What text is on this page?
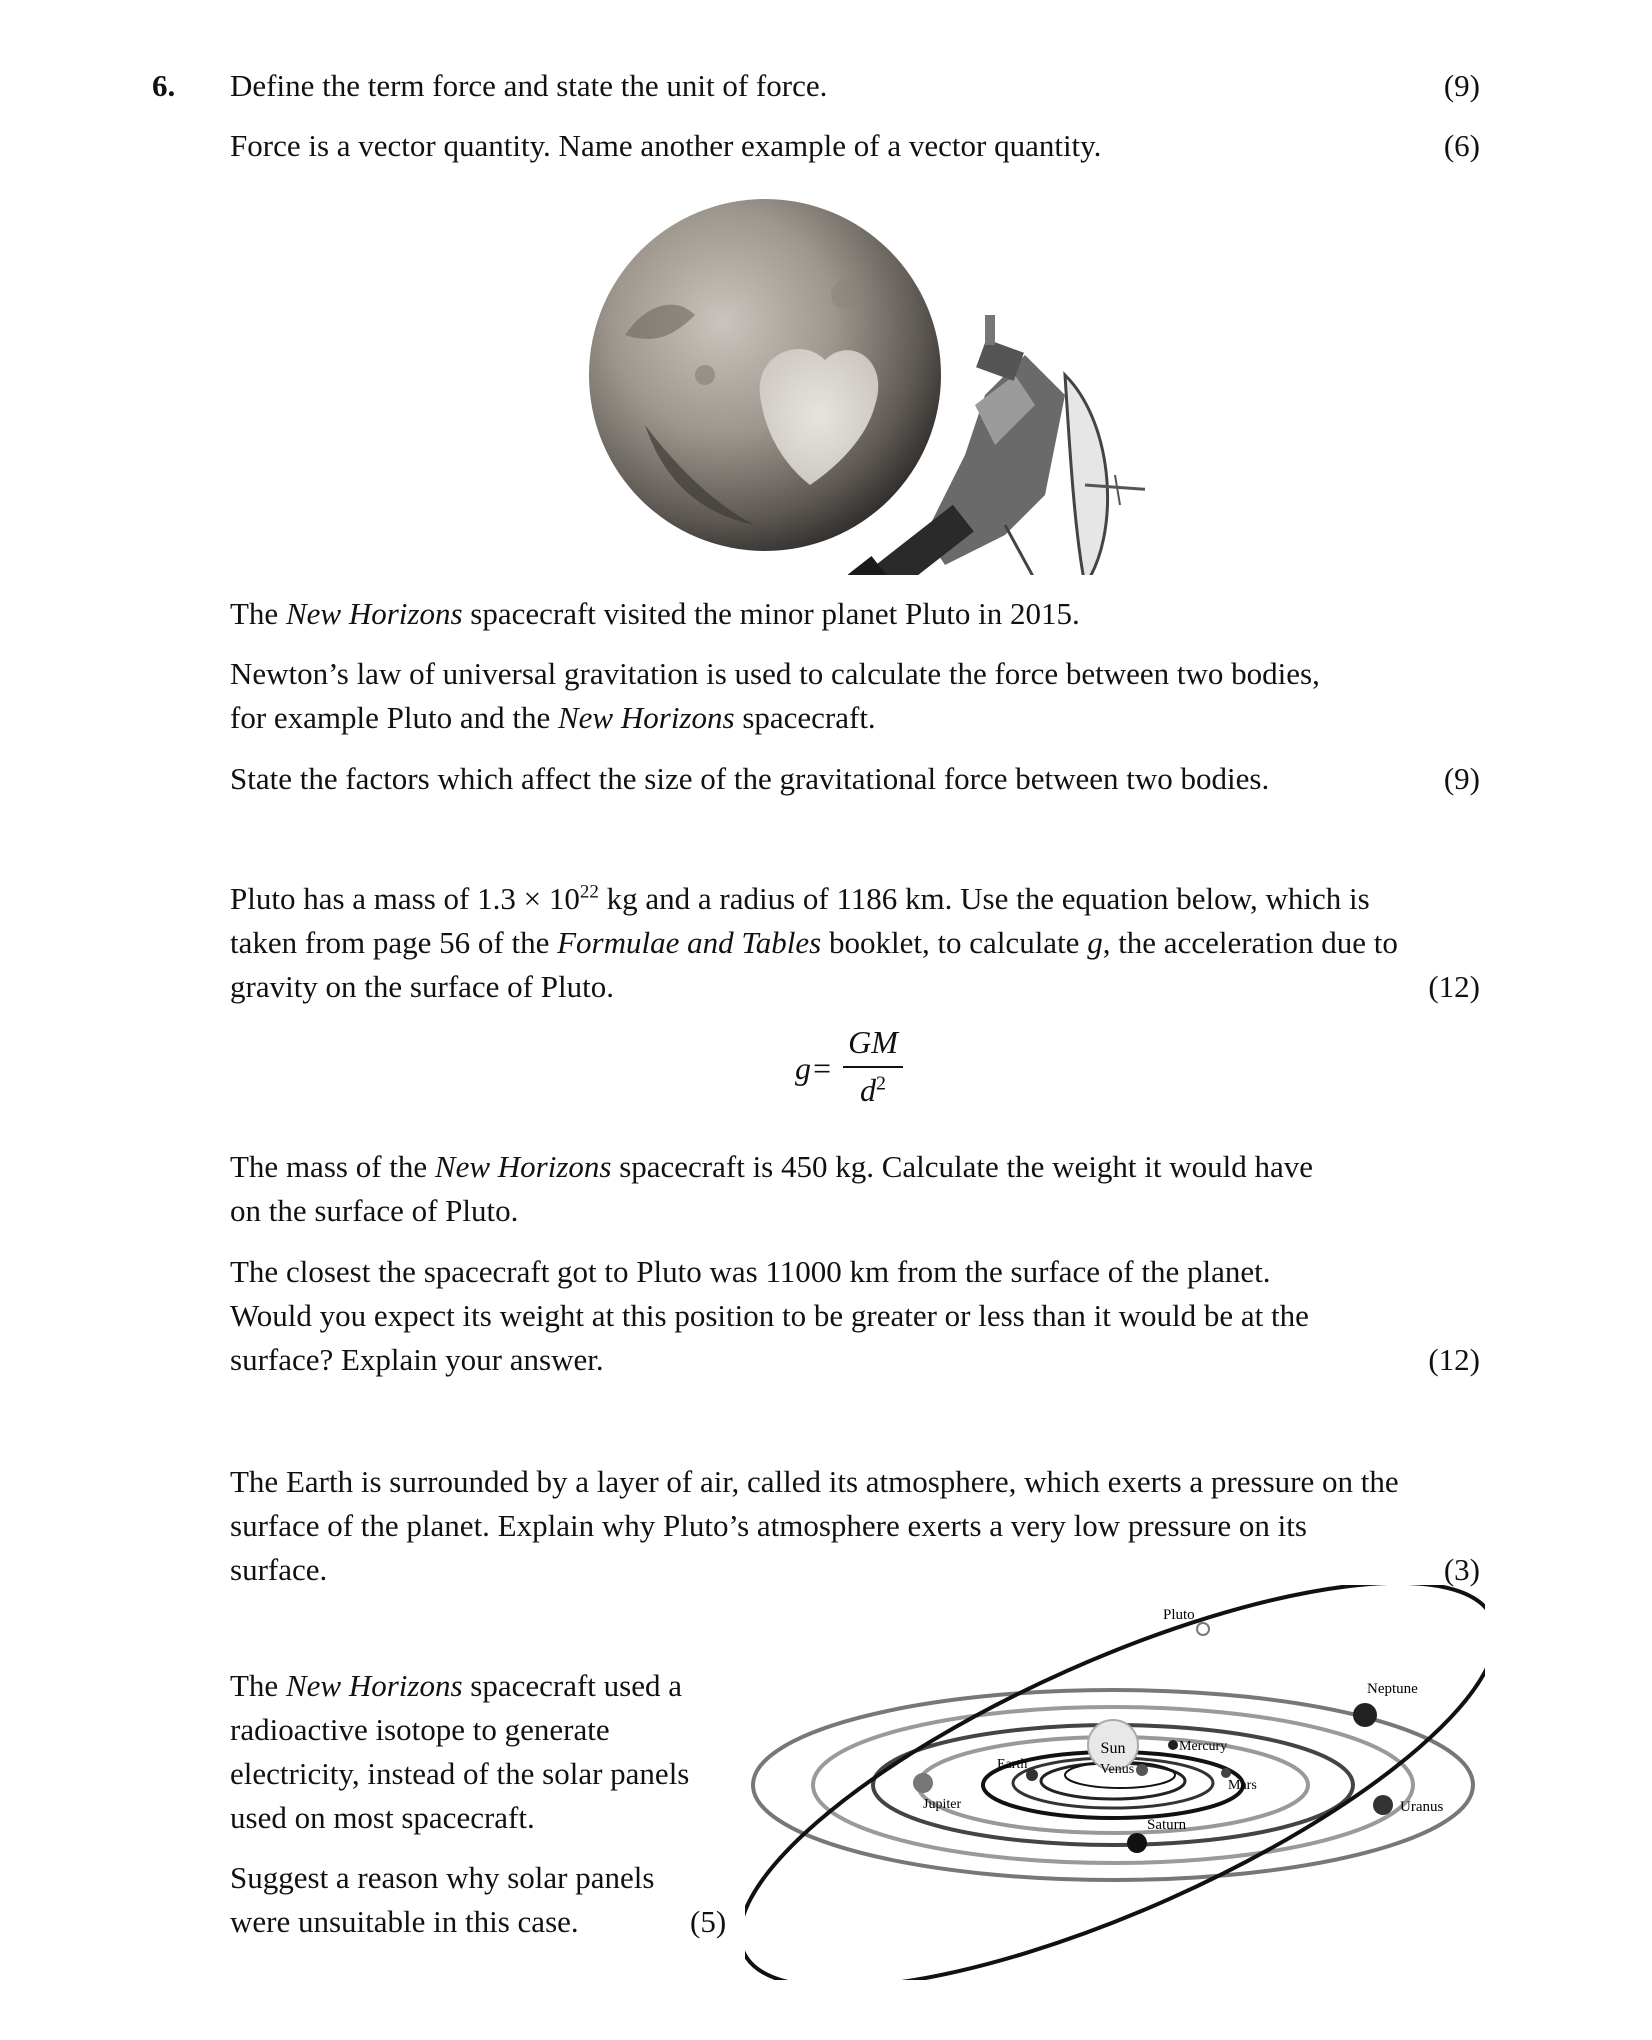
6. Define the term force and state the unit of force.	(9)
Force is a vector quantity. Name another example of a vector quantity.	(6)
The New Horizons spacecraft visited the minor planet Pluto in 2015.
Newton’s law of universal gravitation is used to calculate the force between two bodies,
for example Pluto and the New Horizons spacecraft.
State the factors which affect the size of the gravitational force between two bodies.	(9)
Pluto has a mass of $1.3 \times 10^{22}$ kg and a radius of 1186 km. Use the equation below, which is
taken from page 56 of the Formulae and Tables booklet, to calculate g, the acceleration due to
gravity on the surface of Pluto.	(12)
g=
GM
$d^2$
The mass of the New Horizons spacecraft is 450 kg. Calculate the weight it would have
on the surface of Pluto.
The closest the spacecraft got to Pluto was 11000 km from the surface of the planet.
Would you expect its weight at this position to be greater or less than it would be at the
surface? Explain your answer.	(12)
The Earth is surrounded by a layer of air, called its atmosphere, which exerts a pressure on the
surface of the planet. Explain why Pluto’s atmosphere exerts a very low pressure on its
surface.	(3)
The New Horizons spacecraft used a
radioactive isotope to generate
electricity, instead of the solar panels
used on most spacecraft.
Suggest a reason why solar panels
were unsuitable in this case.	(5)
Sun
Pluto
Neptune
Mercury
Earth	Venus
Mars
Jupiter	Uranus
Saturn
